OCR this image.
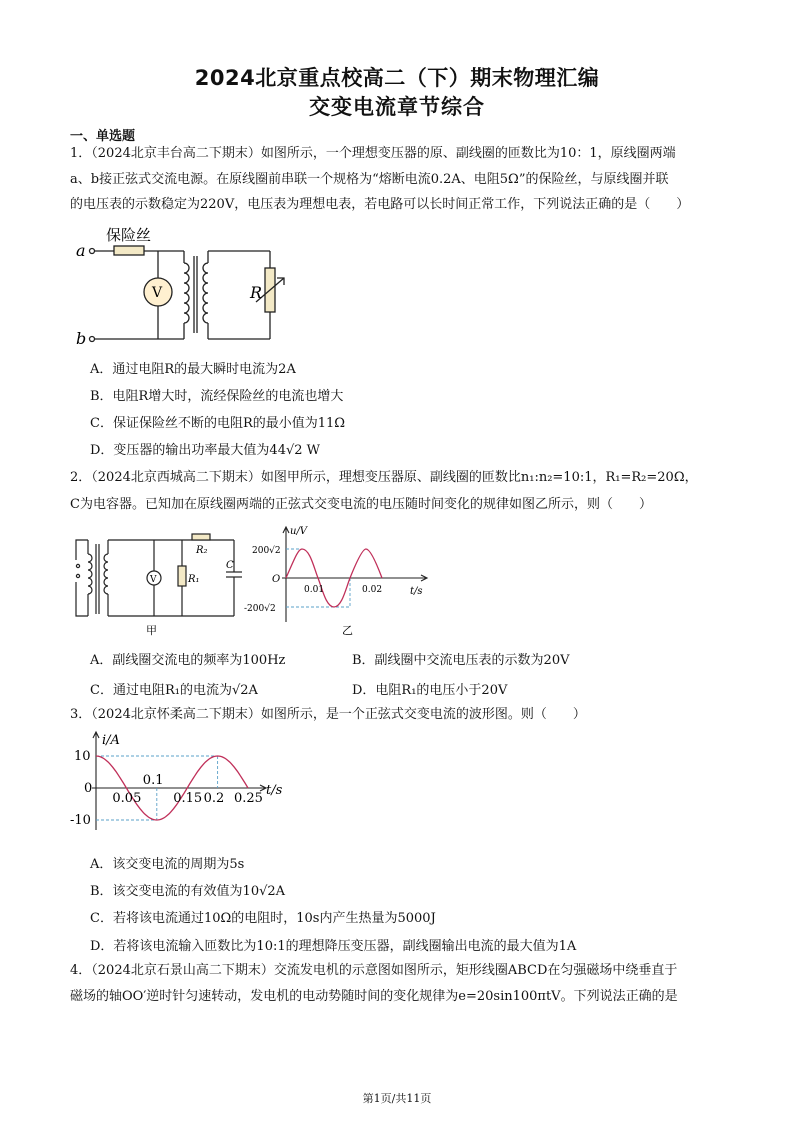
2024北京重点校高二（下）期末物理汇编
交变电流章节综合
一、单选题
1．（2024北京丰台高二下期末）如图所示，一个理想变压器的原、副线圈的匝数比为10：1，原线圈两端
a、b接正弦式交流电源。在原线圈前串联一个规格为“熔断电流0.2A、电阻5Ω”的保险丝，与原线圈并联
的电压表的示数稳定为220V，电压表为理想电表，若电路可以长时间正常工作，下列说法正确的是（　　）
保险丝
a
b
V	R
A．通过电阻R的最大瞬时电流为2A
B．电阻R增大时，流经保险丝的电流也增大
C．保证保险丝不断的电阻R的最小值为11Ω
D．变压器的输出功率最大值为44√2 W
2．（2024北京西城高二下期末）如图甲所示，理想变压器原、副线圈的匝数比n₁:n₂=10:1，R₁=R₂=20Ω，
C为电容器。已知加在原线圈两端的正弦式交变电流的电压随时间变化的规律如图乙所示，则（　　）
V	R₁
R₂
C
甲
u/V
200√2
-200√2
O
0.01	0.02	t/s
乙
A．副线圈交流电的频率为100Hz	B．副线圈中交流电压表的示数为20V
C．通过电阻R₁的电流为√2A	D．电阻R₁的电压小于20V
3．（2024北京怀柔高二下期末）如图所示，是一个正弦式交变电流的波形图。则（　　）
0.05
0.1
0.15 0.2 0.25
10
0
-10
i/A
t/s
A．该交变电流的周期为5s
B．该交变电流的有效值为10√2A
C．若将该电流通过10Ω的电阻时，10s内产生热量为5000J
D．若将该电流输入匝数比为10:1的理想降压变压器，副线圈输出电流的最大值为1A
4．（2024北京石景山高二下期末）交流发电机的示意图如图所示，矩形线圈ABCD在匀强磁场中绕垂直于
磁场的轴OO′逆时针匀速转动，发电机的电动势随时间的变化规律为e=20sin100πtV。下列说法正确的是
第1页/共11页
